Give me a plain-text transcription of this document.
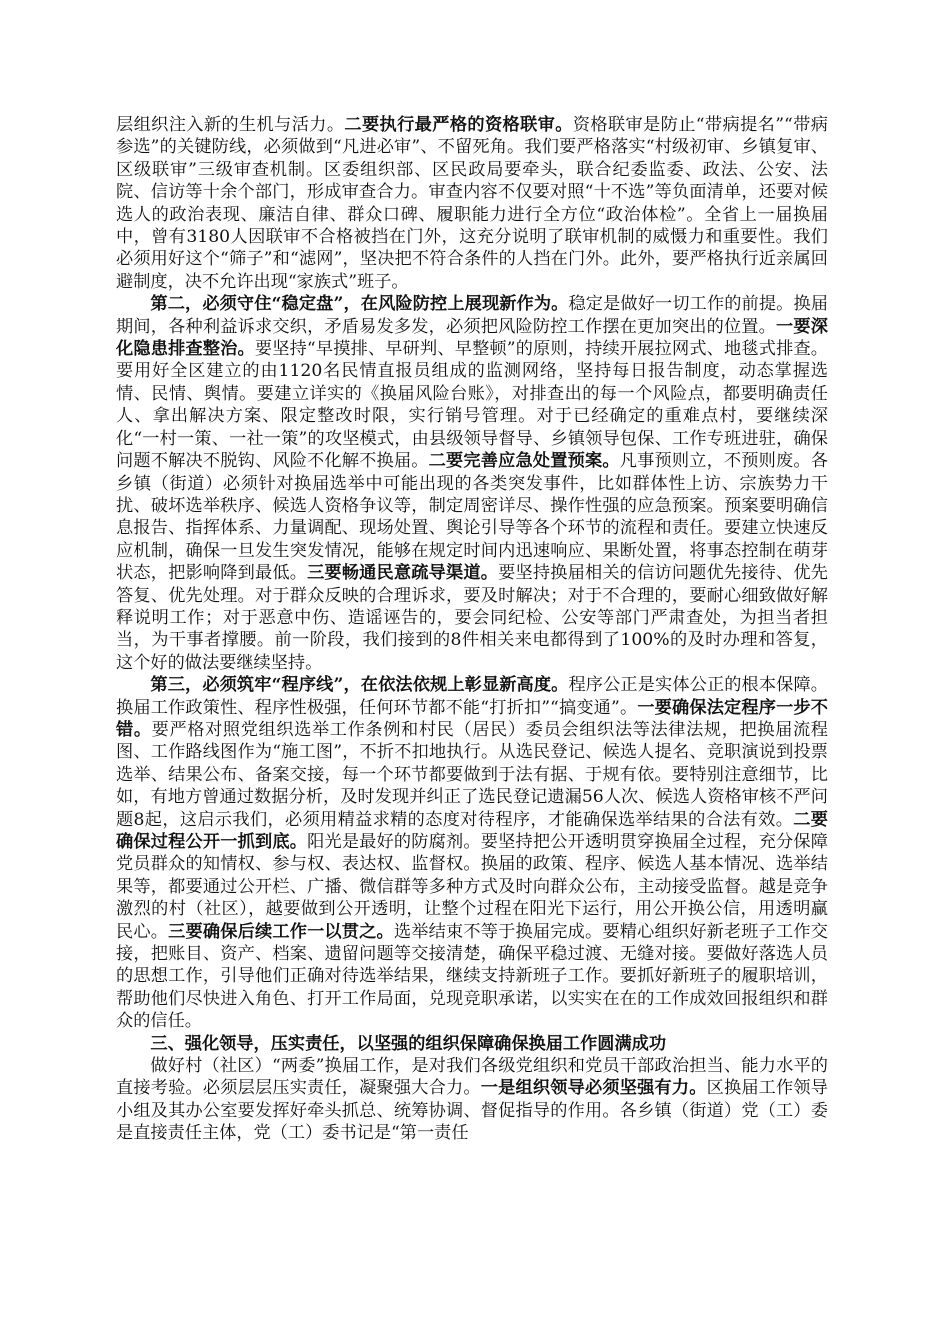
层组织注入新的生机与活力。二要执行最严格的资格联审。资格联审是防止“带病提名”“带病参选”的关键防线，必须做到“凡进必审”、不留死角。我们要严格落实“村级初审、乡镇复审、区级联审”三级审查机制。区委组织部、区民政局要牵头，联合纪委监委、政法、公安、法院、信访等十余个部门，形成审查合力。审查内容不仅要对照“十不选”等负面清单，还要对候选人的政治表现、廉洁自律、群众口碑、履职能力进行全方位“政治体检”。全省上一届换届中，曾有3180人因联审不合格被挡在门外，这充分说明了联审机制的威慑力和重要性。我们必须用好这个“筛子”和“滤网”，坚决把不符合条件的人挡在门外。此外，要严格执行近亲属回避制度，决不允许出现“家族式”班子。

第二，必须守住“稳定盘”，在风险防控上展现新作为。稳定是做好一切工作的前提。换届期间，各种利益诉求交织，矛盾易发多发，必须把风险防控工作摆在更加突出的位置。一要深化隐患排查整治。要坚持“早摸排、早研判、早整顿”的原则，持续开展拉网式、地毯式排查。要用好全区建立的由1120名民情直报员组成的监测网络，坚持每日报告制度，动态掌握选情、民情、舆情。要建立详实的《换届风险台账》，对排查出的每一个风险点，都要明确责任人、拿出解决方案、限定整改时限，实行销号管理。对于已经确定的重难点村，要继续深化“一村一策、一社一策”的攻坚模式，由县级领导督导、乡镇领导包保、工作专班进驻，确保问题不解决不脱钩、风险不化解不换届。二要完善应急处置预案。凡事预则立，不预则废。各乡镇（街道）必须针对换届选举中可能出现的各类突发事件，比如群体性上访、宗族势力干扰、破坏选举秩序、候选人资格争议等，制定周密详尽、操作性强的应急预案。预案要明确信息报告、指挥体系、力量调配、现场处置、舆论引导等各个环节的流程和责任。要建立快速反应机制，确保一旦发生突发情况，能够在规定时间内迅速响应、果断处置，将事态控制在萌芽状态，把影响降到最低。三要畅通民意疏导渠道。要坚持换届相关的信访问题优先接待、优先答复、优先处理。对于群众反映的合理诉求，要及时解决；对于不合理的，要耐心细致做好解释说明工作；对于恶意中伤、造谣诬告的，要会同纪检、公安等部门严肃查处，为担当者担当，为干事者撑腰。前一阶段，我们接到的8件相关来电都得到了100%的及时办理和答复，这个好的做法要继续坚持。

第三，必须筑牢“程序线”，在依法依规上彰显新高度。程序公正是实体公正的根本保障。换届工作政策性、程序性极强，任何环节都不能“打折扣”“搞变通”。一要确保法定程序一步不错。要严格对照党组织选举工作条例和村民（居民）委员会组织法等法律法规，把换届流程图、工作路线图作为“施工图”，不折不扣地执行。从选民登记、候选人提名、竞职演说到投票选举、结果公布、备案交接，每一个环节都要做到于法有据、于规有依。要特别注意细节，比如，有地方曾通过数据分析，及时发现并纠正了选民登记遗漏56人次、候选人资格审核不严问题8起，这启示我们，必须用精益求精的态度对待程序，才能确保选举结果的合法有效。二要确保过程公开一抓到底。阳光是最好的防腐剂。要坚持把公开透明贯穿换届全过程，充分保障党员群众的知情权、参与权、表达权、监督权。换届的政策、程序、候选人基本情况、选举结果等，都要通过公开栏、广播、微信群等多种方式及时向群众公布，主动接受监督。越是竞争激烈的村（社区），越要做到公开透明，让整个过程在阳光下运行，用公开换公信，用透明赢民心。三要确保后续工作一以贯之。选举结束不等于换届完成。要精心组织好新老班子工作交接，把账目、资产、档案、遗留问题等交接清楚，确保平稳过渡、无缝对接。要做好落选人员的思想工作，引导他们正确对待选举结果，继续支持新班子工作。要抓好新班子的履职培训，帮助他们尽快进入角色、打开工作局面，兑现竞职承诺，以实实在在的工作成效回报组织和群众的信任。

三、强化领导，压实责任，以坚强的组织保障确保换届工作圆满成功

做好村（社区）“两委”换届工作，是对我们各级党组织和党员干部政治担当、能力水平的直接考验。必须层层压实责任，凝聚强大合力。一是组织领导必须坚强有力。区换届工作领导小组及其办公室要发挥好牵头抓总、统筹协调、督促指导的作用。各乡镇（街道）党（工）委是直接责任主体，党（工）委书记是“第一责任
